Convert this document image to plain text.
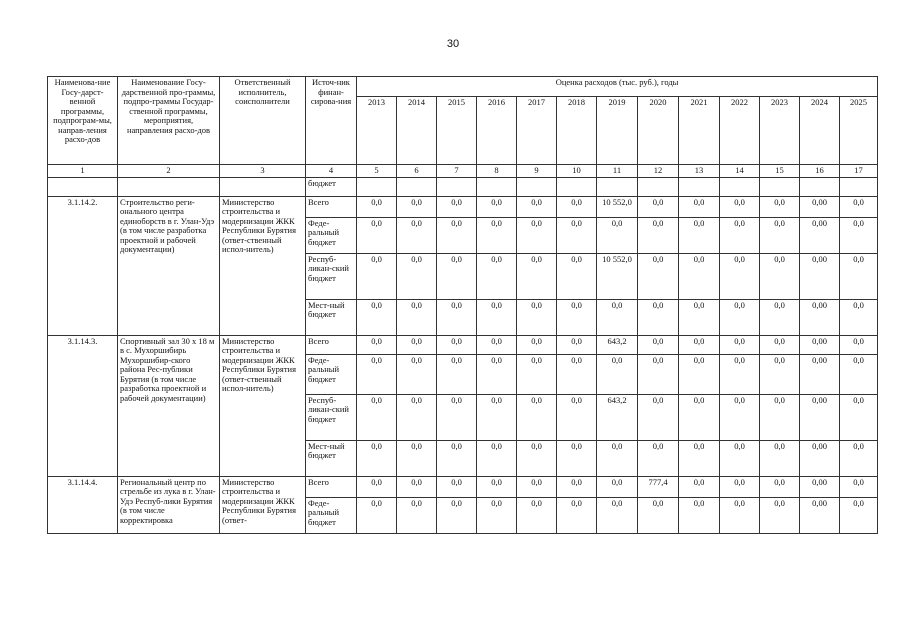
30
Наименова-ние Госу-дарст-венной программы, подпрограм-мы, направ-ления расхо-дов	Наименование Госу-дарственной про-граммы, подпро-граммы Государ-ственной программы, мероприятия, направления расхо-дов	Ответственный исполнитель, соисполнители	Источ-ник финан-сирова-ния	Оценка расходов (тыс. руб.), годы												
				2013	2014	2015	2016	2017	2018	2019	2020	2021	2022	2023	2024	2025
1	2	3	4	5	6	7	8	9	10	11	12	13	14	15	16	17
			бюджет													
3.1.14.2.	Строительство реги-онального центра единоборств в г. Улан-Удэ (в том числе разработка проектной и рабочей документации)	Министерство строительства и модернизации ЖКК Республики Бурятия (ответ-ственный испол-нитель)	Всего	0,0	0,0	0,0	0,0	0,0	0,0	10 552,0	0,0	0,0	0,0	0,0	0,00	0,0
			Феде-ральный бюджет	0,0	0,0	0,0	0,0	0,0	0,0	0,0	0,0	0,0	0,0	0,0	0,00	0,0
			Респуб-ликан-ский бюджет	0,0	0,0	0,0	0,0	0,0	0,0	10 552,0	0,0	0,0	0,0	0,0	0,00	0,0
			Мест-ный бюджет	0,0	0,0	0,0	0,0	0,0	0,0	0,0	0,0	0,0	0,0	0,0	0,00	0,0
3.1.14.3.	Спортивный зал 30 х 18 м в с. Мухоршибирь Мухоршибир-ского района Рес-публики Бурятия (в том числе разработка проектной и рабочей документации)	Министерство строительства и модернизации ЖКК Республики Бурятия (ответ-ственный испол-нитель)	Всего	0,0	0,0	0,0	0,0	0,0	0,0	643,2	0,0	0,0	0,0	0,0	0,00	0,0
			Феде-ральный бюджет	0,0	0,0	0,0	0,0	0,0	0,0	0,0	0,0	0,0	0,0	0,0	0,00	0,0
			Респуб-ликан-ский бюджет	0,0	0,0	0,0	0,0	0,0	0,0	643,2	0,0	0,0	0,0	0,0	0,00	0,0
			Мест-ный бюджет	0,0	0,0	0,0	0,0	0,0	0,0	0,0	0,0	0,0	0,0	0,0	0,00	0,0
3.1.14.4.	Региональный центр по стрельбе из лука в г. Улан-Удэ Респуб-лики Бурятия (в том числе корректировка	Министерство строительства и модернизации ЖКК Республики Бурятия (ответ-	Всего	0,0	0,0	0,0	0,0	0,0	0,0	0,0	777,4	0,0	0,0	0,0	0,00	0,0
			Феде-ральный бюджет	0,0	0,0	0,0	0,0	0,0	0,0	0,0	0,0	0,0	0,0	0,0	0,00	0,0
